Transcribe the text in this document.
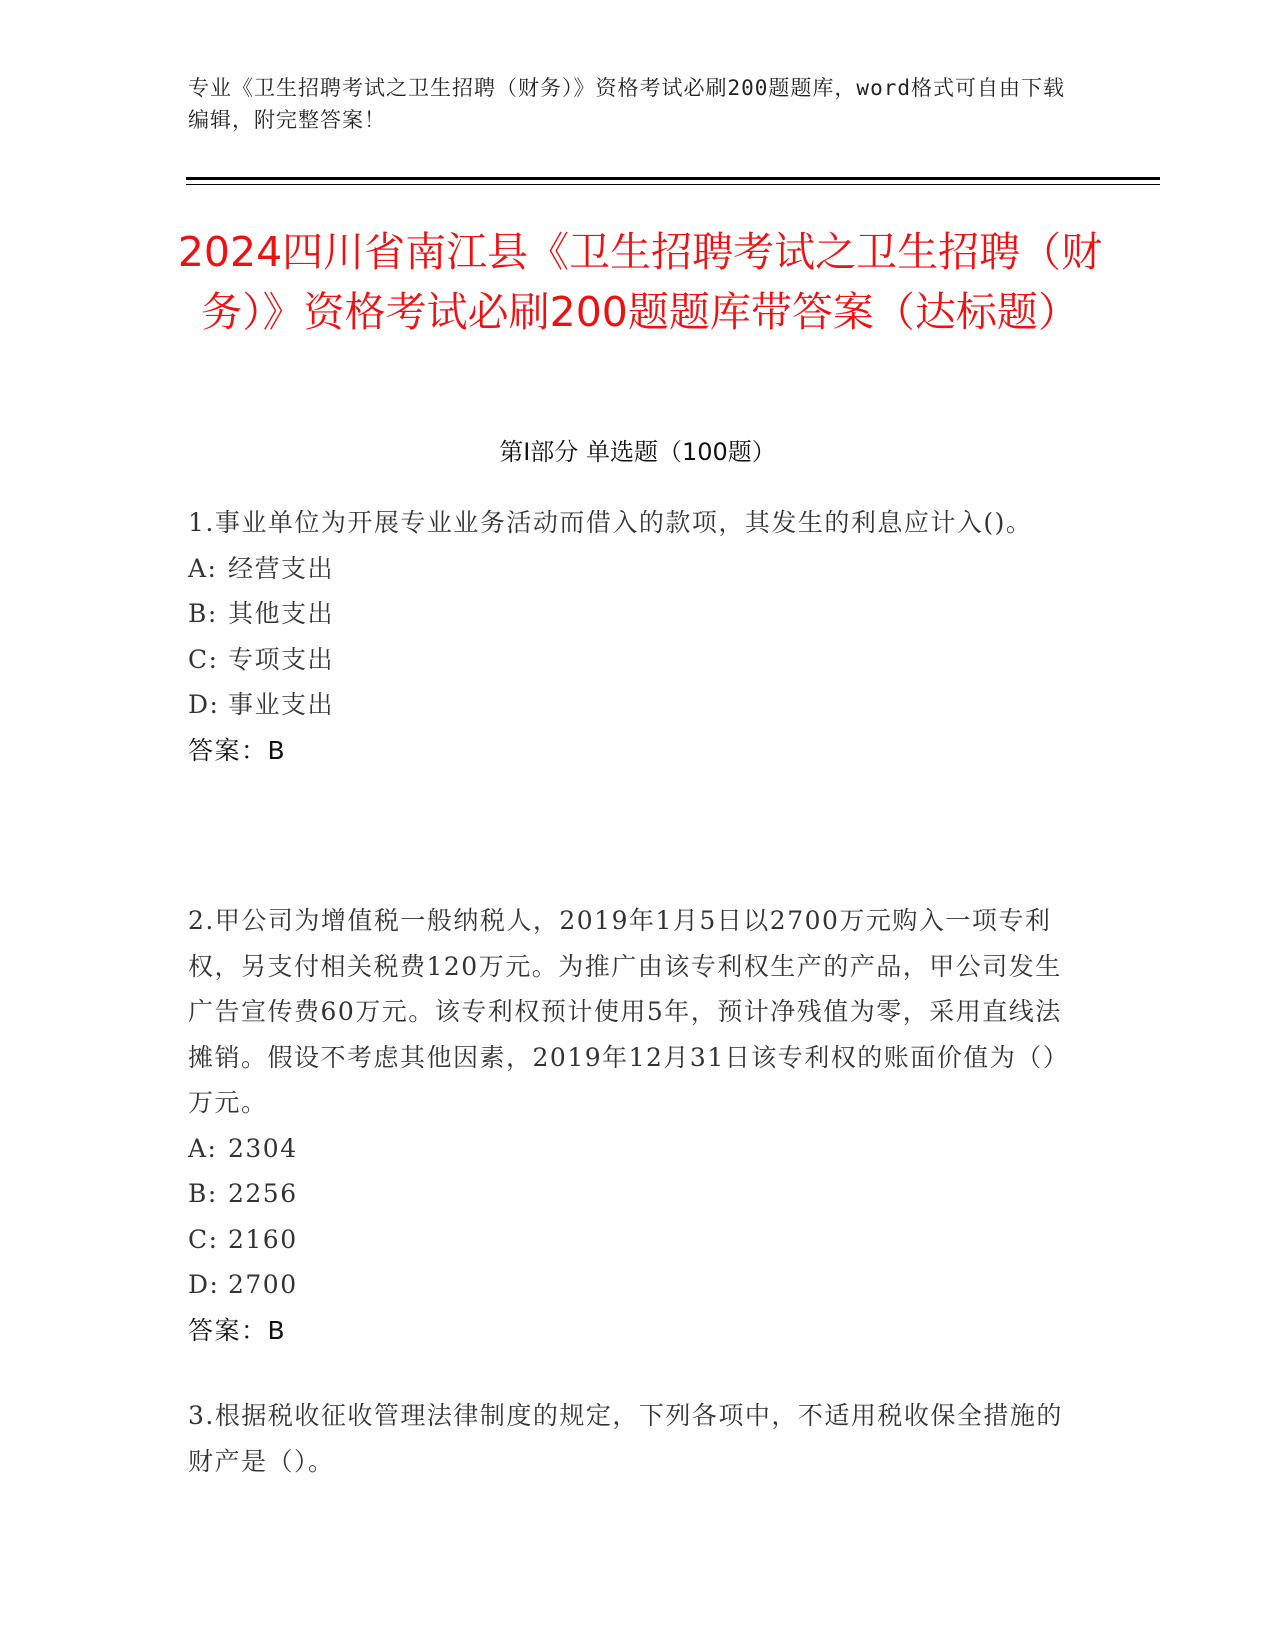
专业《卫生招聘考试之卫生招聘（财务）》资格考试必刷200题题库，word格式可自由下载编辑，附完整答案！
2024四川省南江县《卫生招聘考试之卫生招聘（财务）》资格考试必刷200题题库带答案（达标题）
第Ⅰ部分 单选题（100题）

1.事业单位为开展专业业务活动而借入的款项，其发生的利息应计入()。

A: 经营支出

B: 其他支出

C: 专项支出

D: 事业支出

答案：B

2.甲公司为增值税一般纳税人，2019年1月5日以2700万元购入一项专利权，另支付相关税费120万元。为推广由该专利权生产的产品，甲公司发生广告宣传费60万元。该专利权预计使用5年，预计净残值为零，采用直线法摊销。假设不考虑其他因素，2019年12月31日该专利权的账面价值为（）万元。

A: 2304

B: 2256

C: 2160

D: 2700

答案：B

3.根据税收征收管理法律制度的规定，下列各项中，不适用税收保全措施的财产是（）。
